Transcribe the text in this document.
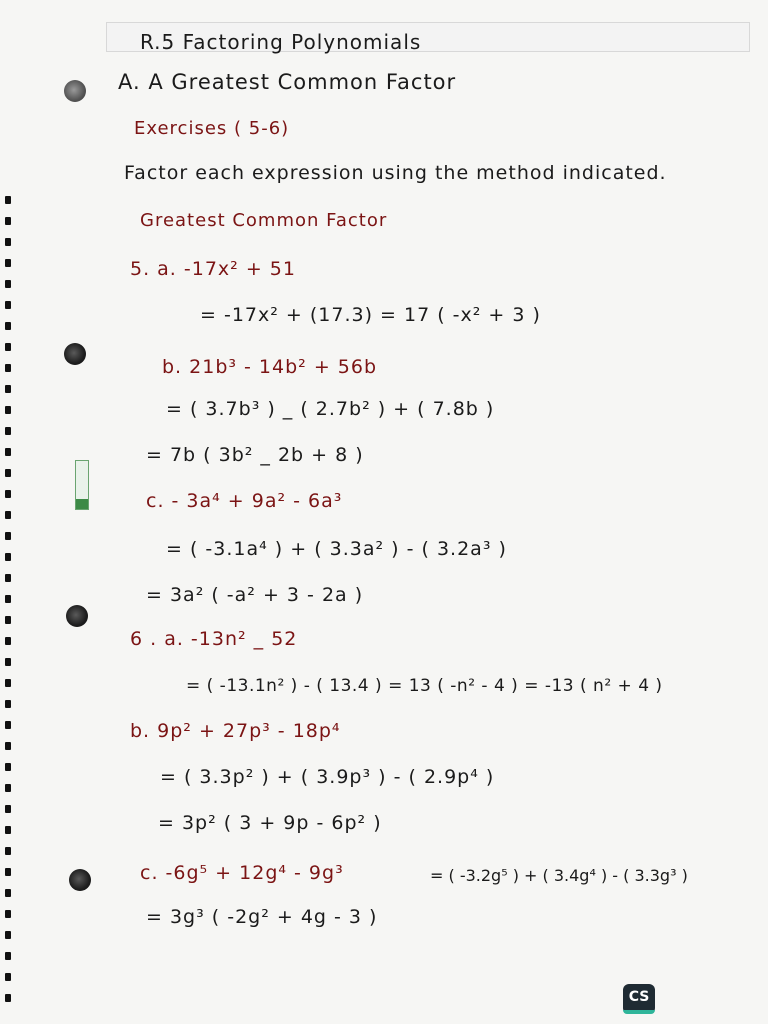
R.5 Factoring Polynomials
A. A Greatest Common Factor
Exercises ( 5-6)
Factor each expression using the method indicated.
Greatest Common Factor
5. a. -17x² + 51
= -17x² + (17.3) = 17 ( -x² + 3 )
b. 21b³ - 14b² + 56b
= ( 3.7b³ ) _ ( 2.7b² ) + ( 7.8b )
= 7b ( 3b² _ 2b + 8 )
c. - 3a⁴ + 9a² - 6a³
= ( -3.1a⁴ ) + ( 3.3a² ) - ( 3.2a³ )
= 3a² ( -a² + 3 - 2a )
6 . a. -13n² _ 52
= ( -13.1n² ) - ( 13.4 ) = 13 ( -n² - 4 ) = -13 ( n² + 4 )
b. 9p² + 27p³ - 18p⁴
= ( 3.3p² ) + ( 3.9p³ ) - ( 2.9p⁴ )
= 3p² ( 3 + 9p - 6p² )
c. -6g⁵ + 12g⁴ - 9g³	= ( -3.2g⁵ ) + ( 3.4g⁴ ) - ( 3.3g³ )
= 3g³ ( -2g² + 4g - 3 )
CS
